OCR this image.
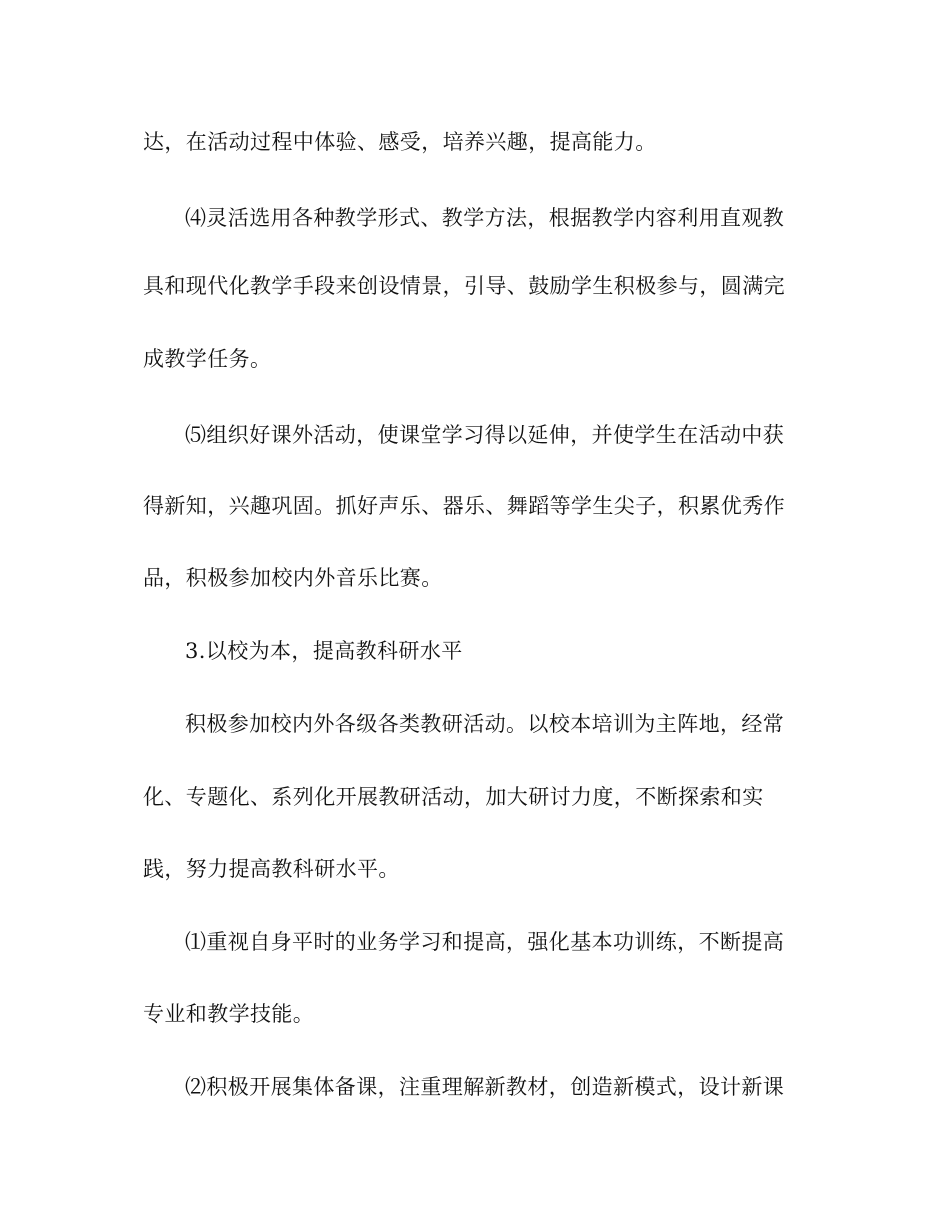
达，在活动过程中体验、感受，培养兴趣，提高能力。
⑷灵活选用各种教学形式、教学方法，根据教学内容利用直观教
具和现代化教学手段来创设情景，引导、鼓励学生积极参与，圆满完
成教学任务。
⑸组织好课外活动，使课堂学习得以延伸，并使学生在活动中获
得新知，兴趣巩固。抓好声乐、器乐、舞蹈等学生尖子，积累优秀作
品，积极参加校内外音乐比赛。
3.以校为本，提高教科研水平
积极参加校内外各级各类教研活动。以校本培训为主阵地，经常
化、专题化、系列化开展教研活动，加大研讨力度，不断探索和实
践，努力提高教科研水平。
⑴重视自身平时的业务学习和提高，强化基本功训练，不断提高
专业和教学技能。
⑵积极开展集体备课，注重理解新教材，创造新模式，设计新课
